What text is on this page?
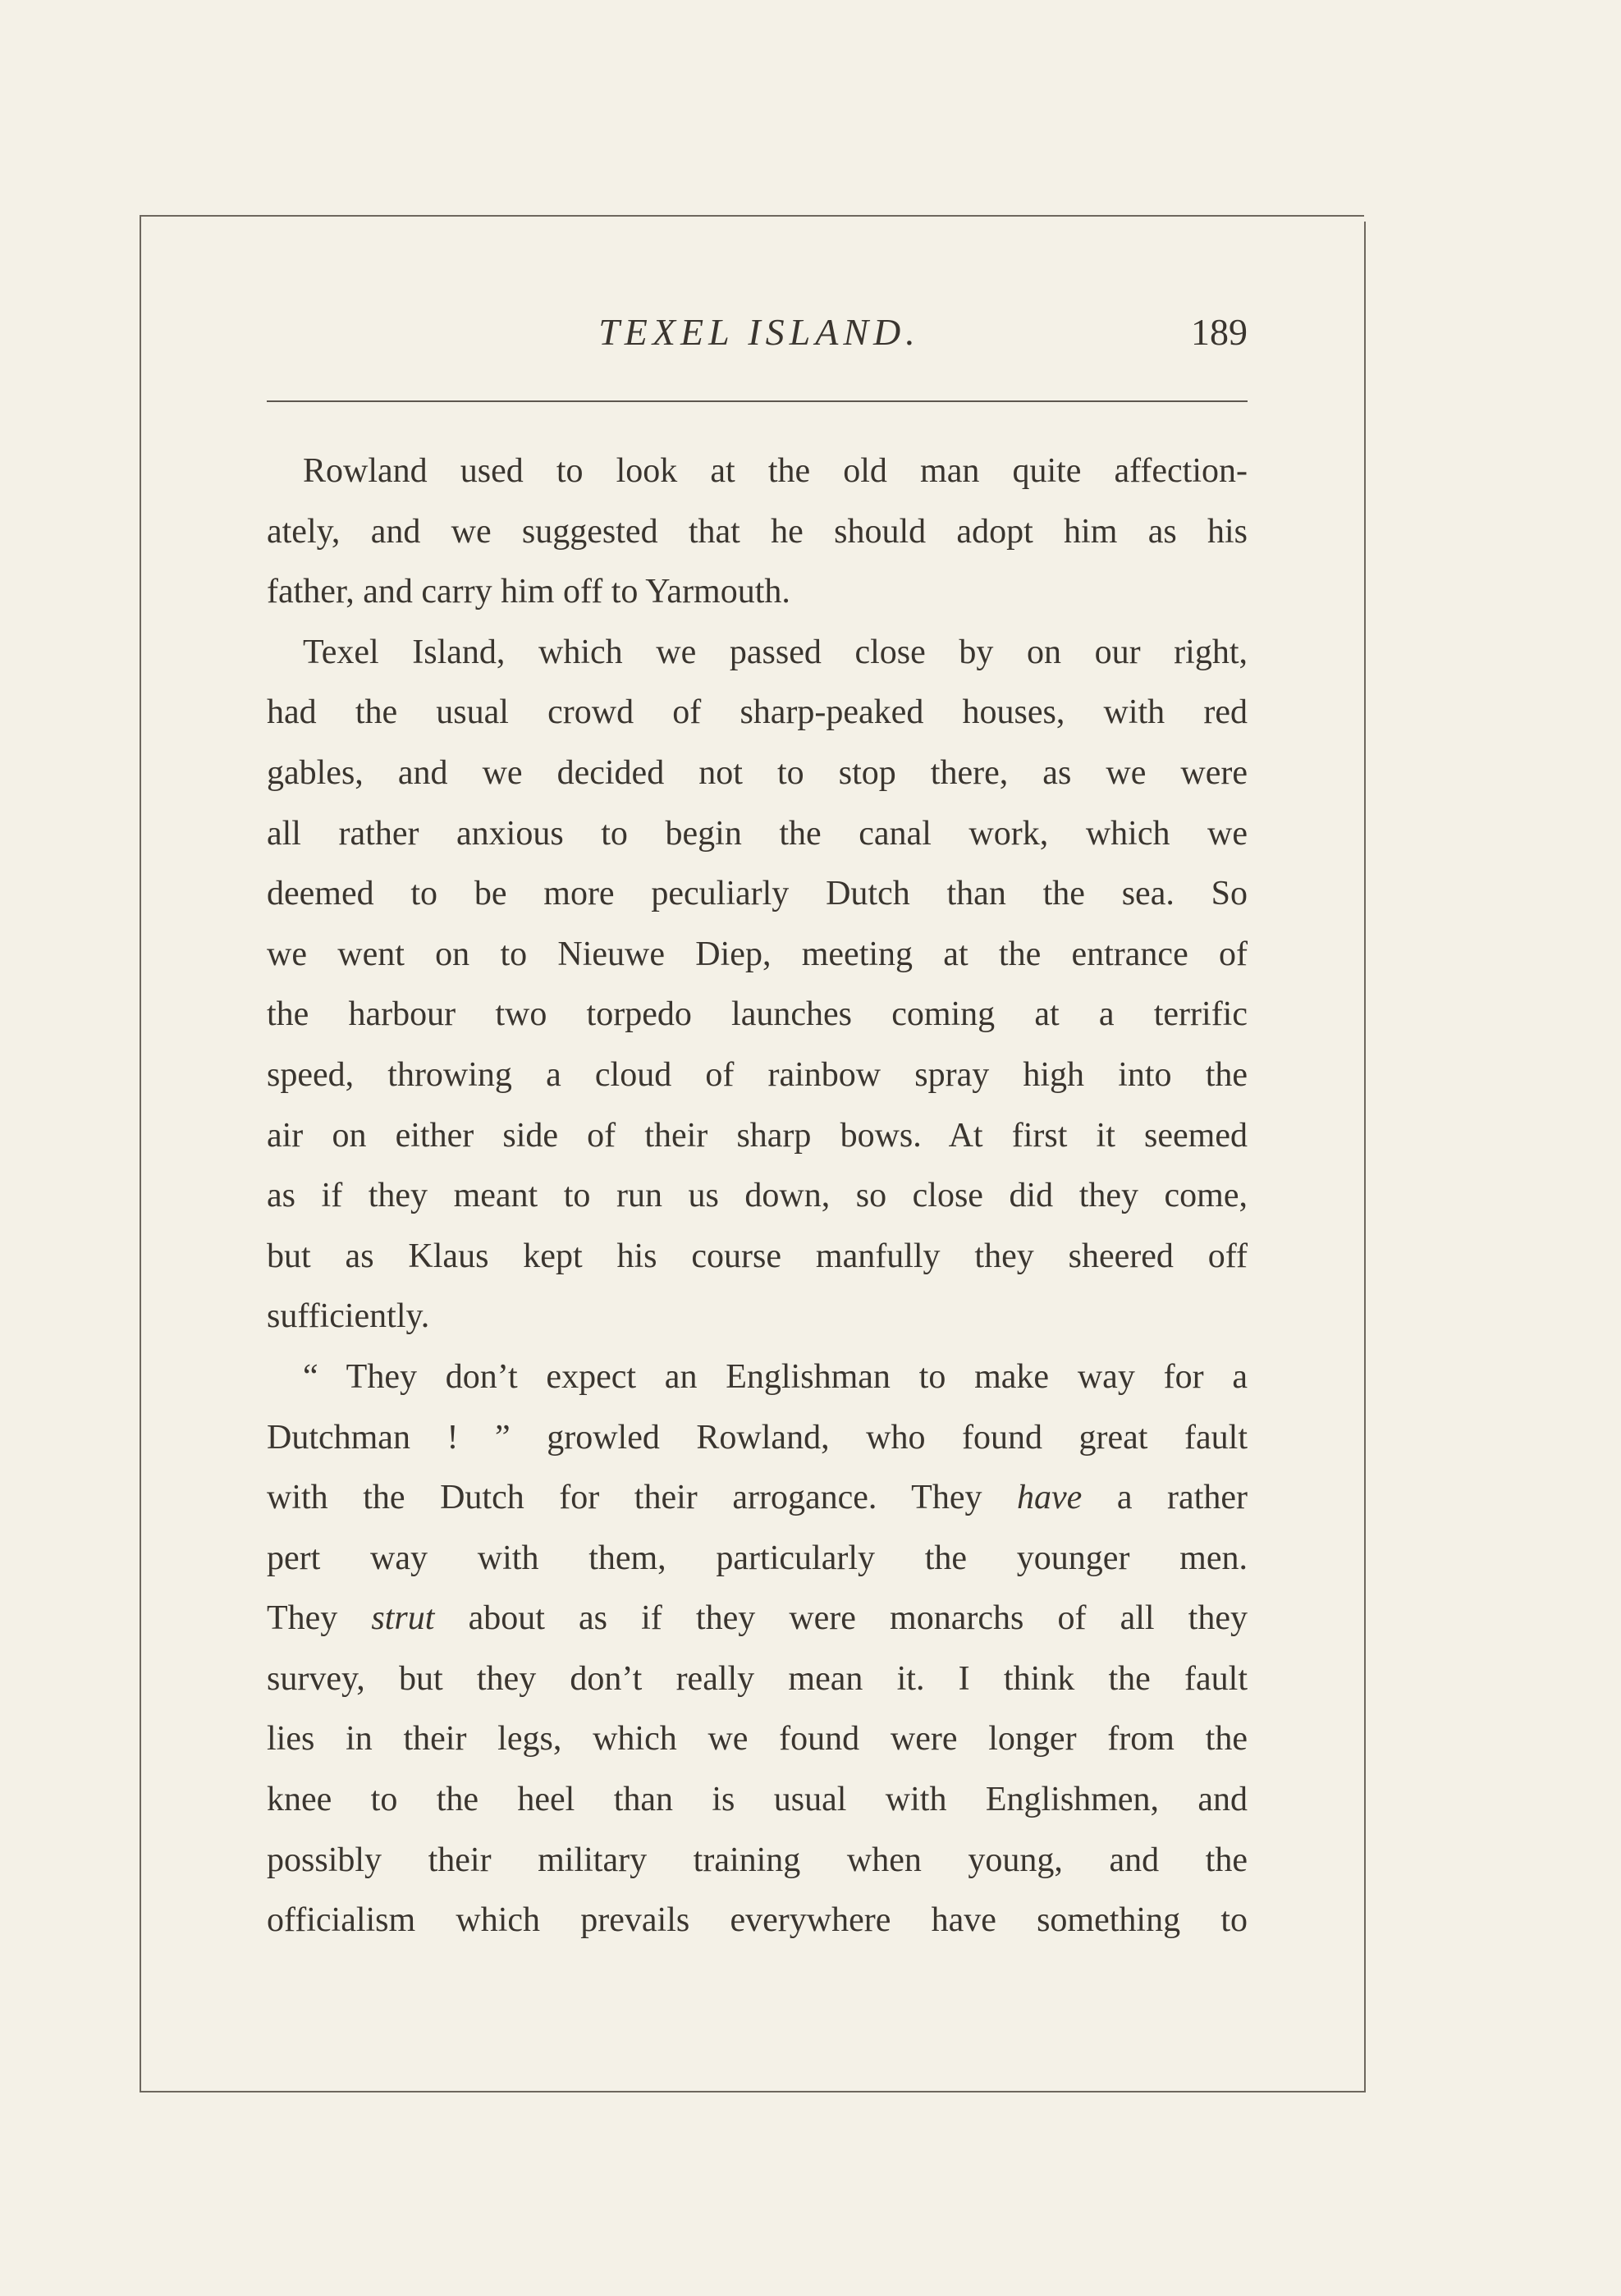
TEXEL ISLAND.	189
Rowland used to look at the old man quite affection-
ately, and we suggested that he should adopt him as his
father, and carry him off to Yarmouth.
Texel Island, which we passed close by on our right,
had the usual crowd of sharp-peaked houses, with red
gables, and we decided not to stop there, as we were
all rather anxious to begin the canal work, which we
deemed to be more peculiarly Dutch than the sea. So
we went on to Nieuwe Diep, meeting at the entrance of
the harbour two torpedo launches coming at a terrific
speed, throwing a cloud of rainbow spray high into the
air on either side of their sharp bows. At first it seemed
as if they meant to run us down, so close did they come,
but as Klaus kept his course manfully they sheered off
sufficiently.
“ They don’t expect an Englishman to make way for a
Dutchman ! ” growled Rowland, who found great fault
with the Dutch for their arrogance. They have a rather
pert way with them, particularly the younger men.
They strut about as if they were monarchs of all they
survey, but they don’t really mean it. I think the fault
lies in their legs, which we found were longer from the
knee to the heel than is usual with Englishmen, and
possibly their military training when young, and the
officialism which prevails everywhere have something to
